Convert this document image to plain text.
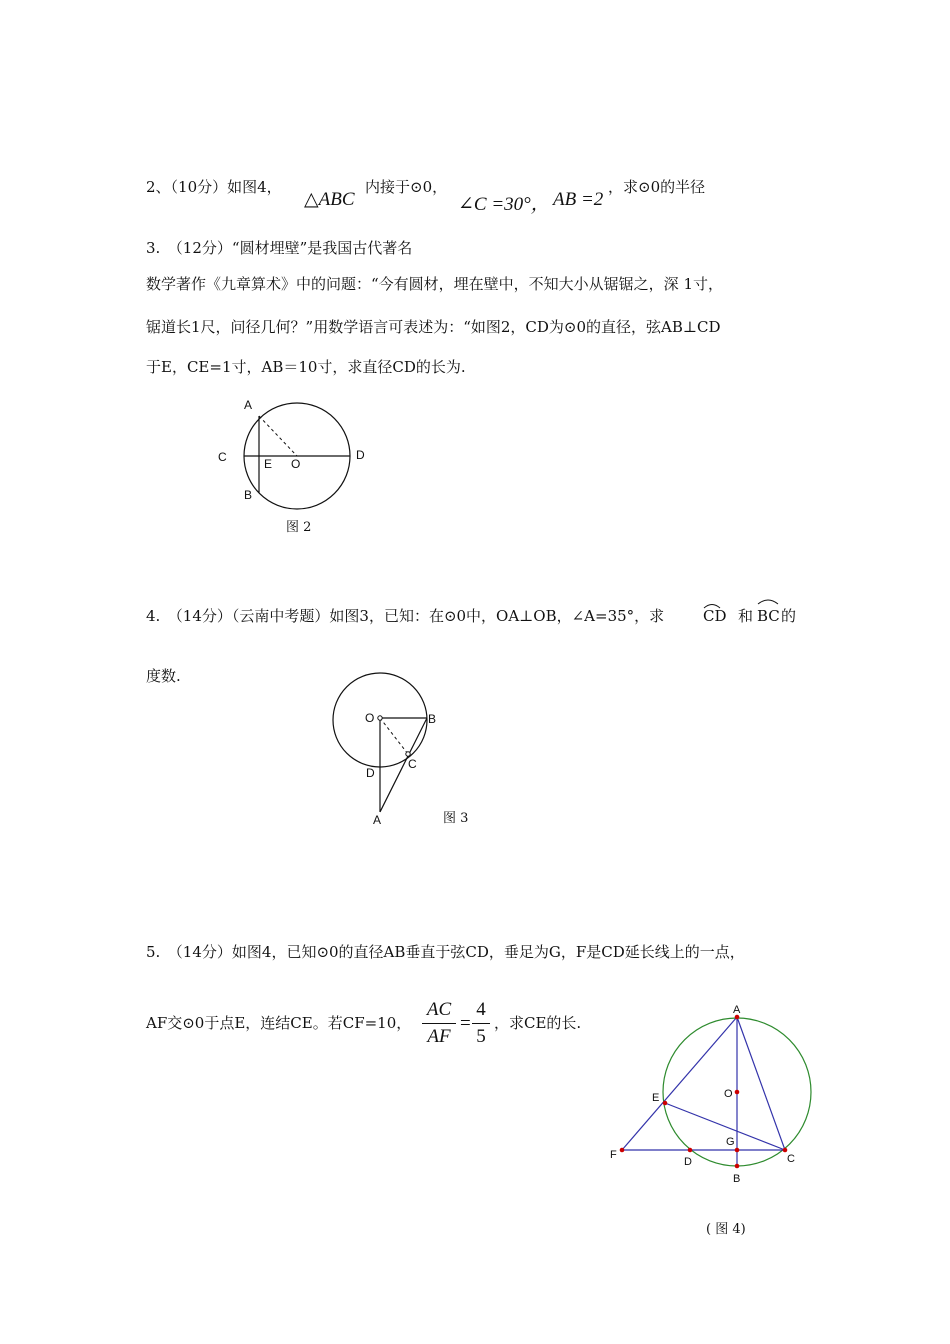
2、（10分）如图4，
△ABC
内接于⊙0，
∠C =30°， AB =2
，求⊙0的半径
3.　（12分）“圆材埋壁”是我国古代著名
数学著作《九章算术》中的问题：“今有圆材，埋在壁中，不知大小从锯锯之，深 1寸，
锯道长1尺，问径几何？”用数学语言可表述为：“如图2，CD为⊙0的直径，弦AB⊥CD
于E，CE=1寸，AB＝10寸，求直径CD的长为.
A
C	E O
D
B
图 2
4.　（14分）（云南中考题）如图3，已知：在⊙0中，OA⊥OB，∠A=35°，求	CD 和 BC 的
度数.
O	B
C
D
A	图 3
5.　（14分）如图4，已知⊙0的直径AB垂直于弦CD，垂足为G，F是CD延长线上的一点，
AF交⊙0于点E，连结CE。若CF=10，
AC
AF
=
4
5
，求CE的长.
A
O
E
G
F
D	C
B
( 图 4)
